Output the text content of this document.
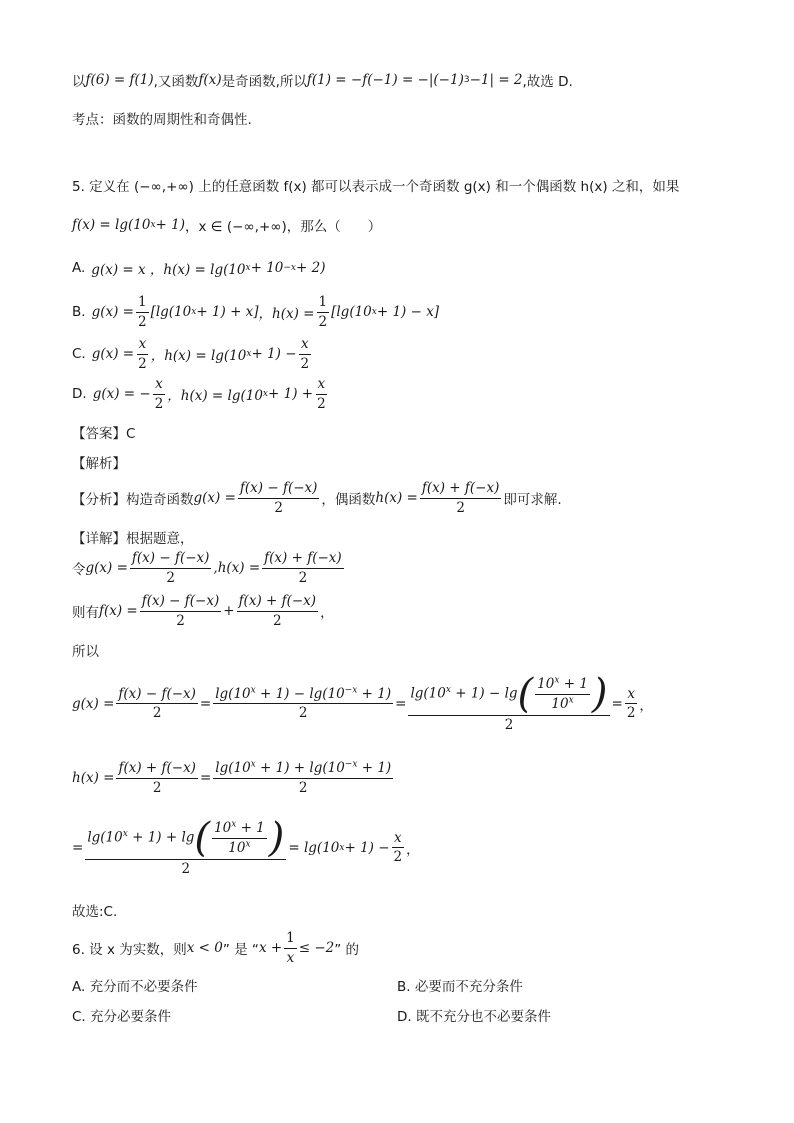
以 f(6) = f(1) ,又函数 f(x) 是奇函数,所以 f(1) = −f(−1) = −|(−1) 3 −1| = 2 ,故选 D.
考点：函数的周期性和奇偶性.
5. 定义在 (−∞,+∞) 上的任意函数 f(x) 都可以表示成一个奇函数 g(x) 和一个偶函数 h(x) 之和，如果
f(x) = lg(10 x + 1) ，x ∈ (−∞,+∞)，那么（　　）
A. g(x) = x ，h(x) = lg(10 x + 10 −x + 2)
B. $g(x) = \frac{1}{2} [\lg(10$ x + 1) + x] ，$h(x) = \frac{1}{2} [\lg(10$ x + 1) − x]
C. $g(x) = \frac{x}{2}$ ，h(x) = lg(10 $x + 1) - \frac{x}{2}$
D. g(x) = − $\frac{x}{2}$ ，h(x) = lg(10 $x + 1) + \frac{x}{2}$
【答案】C
【解析】
【分析】构造奇函数 $g(x) = \frac{f(x) - f(-x)}{2}$ ，偶函数 $h(x) = \frac{f(x) + f(-x)}{2}$ 即可求解.
【详解】根据题意，
令 $g(x) = \frac{f(x) - f(-x)}{2}$ , $h(x) = \frac{f(x) + f(-x)}{2}$
则有 $f(x) = \frac{f(x) - f(-x)}{2} + \frac{f(x) + f(-x)}{2}$ ，
所以
$g(x) = \frac{f(x) - f(-x)}{2} = \frac{\lg(10^x + 1) - \lg(10^{-x} + 1)}{2} = \frac{\lg(10^x + 1) - \lg( \frac{10^x + 1}{10^x} )}{2} = \frac{x}{2}$ ，
$h(x) = \frac{f(x) + f(-x)}{2} = \frac{\lg(10^x + 1) + \lg(10^{-x} + 1)}{2}$
= $\frac{\lg(10^x + 1) + \lg( \frac{10^x + 1}{10^x} )}{2} = \lg(10$ $x + 1) - \frac{x}{2}$ ，
故选:C.
6. 设 x 为实数，则 x < 0 ” 是 “ $x + \frac{1}{x} \le -2$ ” 的
A. 充分而不必要条件	B. 必要而不充分条件
C. 充分必要条件	D. 既不充分也不必要条件
